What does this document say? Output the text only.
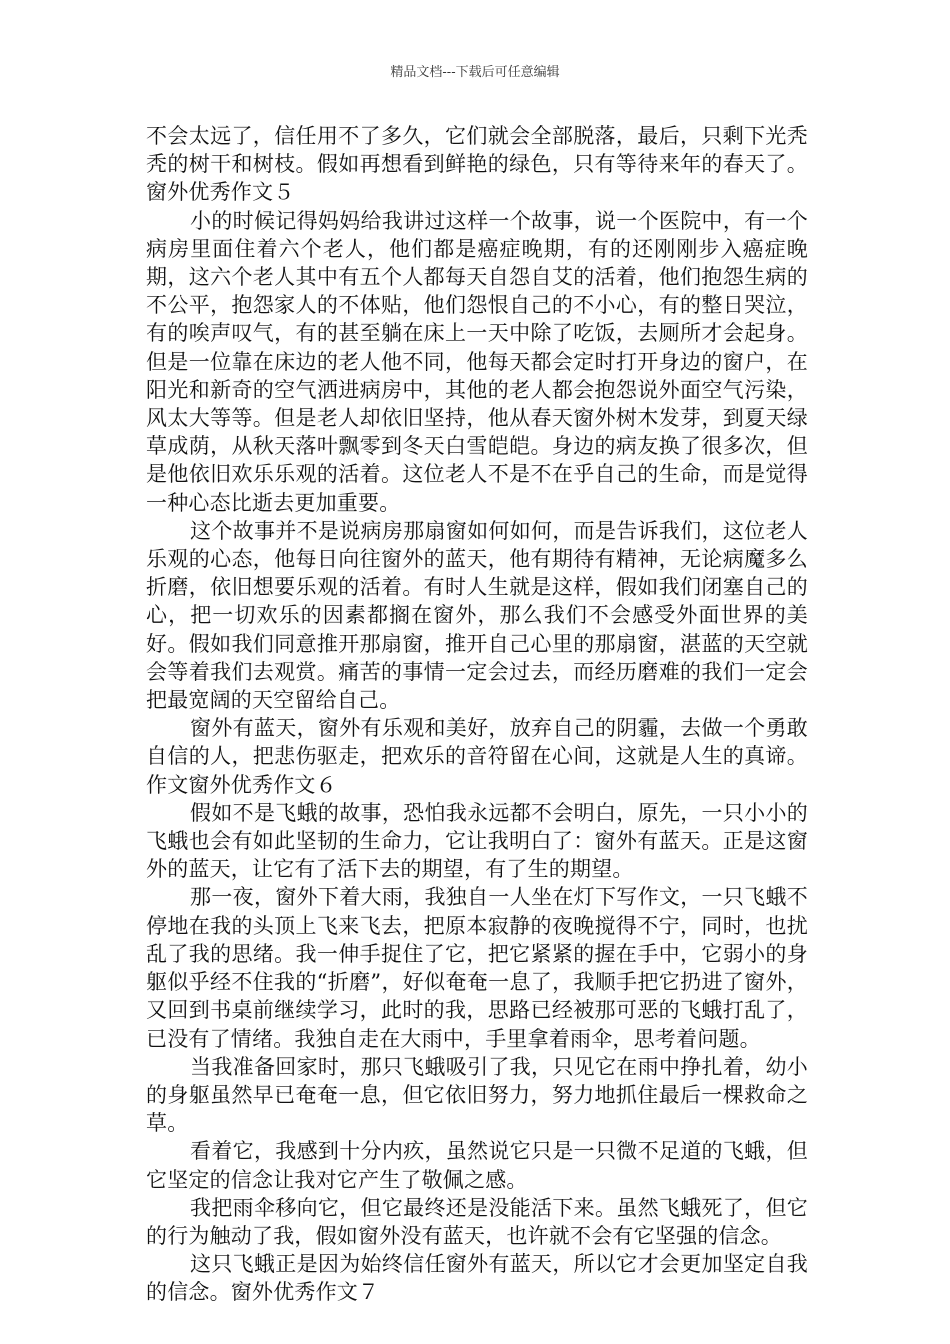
精品文档---下载后可任意编辑

不会太远了，信任用不了多久，它们就会全部脱落，最后，只剩下光秃秃的树干和树枝。假如再想看到鲜艳的绿色，只有等待来年的春天了。窗外优秀作文５

小的时候记得妈妈给我讲过这样一个故事，说一个医院中，有一个病房里面住着六个老人，他们都是癌症晚期，有的还刚刚步入癌症晚期，这六个老人其中有五个人都每天自怨自艾的活着，他们抱怨生病的不公平，抱怨家人的不体贴，他们怨恨自己的不小心，有的整日哭泣，有的唉声叹气，有的甚至躺在床上一天中除了吃饭，去厕所才会起身。但是一位靠在床边的老人他不同，他每天都会定时打开身边的窗户，在阳光和新奇的空气洒进病房中，其他的老人都会抱怨说外面空气污染，风太大等等。但是老人却依旧坚持，他从春天窗外树木发芽，到夏天绿草成荫，从秋天落叶飘零到冬天白雪皑皑。身边的病友换了很多次，但是他依旧欢乐乐观的活着。这位老人不是不在乎自己的生命，而是觉得一种心态比逝去更加重要。

这个故事并不是说病房那扇窗如何如何，而是告诉我们，这位老人乐观的心态，他每日向往窗外的蓝天，他有期待有精神，无论病魔多么折磨，依旧想要乐观的活着。有时人生就是这样，假如我们闭塞自己的心，把一切欢乐的因素都搁在窗外，那么我们不会感受外面世界的美好。假如我们同意推开那扇窗，推开自己心里的那扇窗，湛蓝的天空就会等着我们去观赏。痛苦的事情一定会过去，而经历磨难的我们一定会把最宽阔的天空留给自己。

窗外有蓝天，窗外有乐观和美好，放弃自己的阴霾，去做一个勇敢自信的人，把悲伤驱走，把欢乐的音符留在心间，这就是人生的真谛。作文窗外优秀作文６

假如不是飞蛾的故事，恐怕我永远都不会明白，原先，一只小小的飞蛾也会有如此坚韧的生命力，它让我明白了：窗外有蓝天。正是这窗外的蓝天，让它有了活下去的期望，有了生的期望。

那一夜，窗外下着大雨，我独自一人坐在灯下写作文，一只飞蛾不停地在我的头顶上飞来飞去，把原本寂静的夜晚搅得不宁，同时，也扰乱了我的思绪。我一伸手捉住了它，把它紧紧的握在手中，它弱小的身躯似乎经不住我的“折磨”，好似奄奄一息了，我顺手把它扔进了窗外，又回到书桌前继续学习，此时的我，思路已经被那可恶的飞蛾打乱了，已没有了情绪。我独自走在大雨中，手里拿着雨伞，思考着问题。

当我准备回家时，那只飞蛾吸引了我，只见它在雨中挣扎着，幼小的身躯虽然早已奄奄一息，但它依旧努力，努力地抓住最后一棵救命之草。

看着它，我感到十分内疚，虽然说它只是一只微不足道的飞蛾，但它坚定的信念让我对它产生了敬佩之感。

我把雨伞移向它，但它最终还是没能活下来。虽然飞蛾死了，但它的行为触动了我，假如窗外没有蓝天，也许就不会有它坚强的信念。

这只飞蛾正是因为始终信任窗外有蓝天，所以它才会更加坚定自我的信念。窗外优秀作文７
